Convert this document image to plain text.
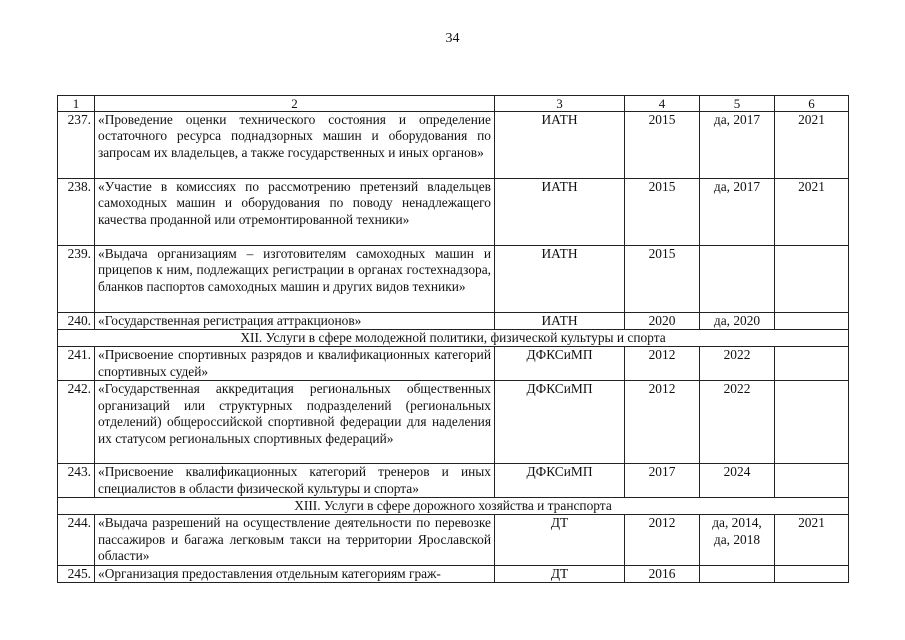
34
1	2	3	4	5	6
237.	«Проведение оценки технического состояния и определение остаточного ресурса поднадзорных машин и оборудования по запросам их владельцев, а также государственных и иных органов»	ИАТН	2015	да, 2017	2021
238.	«Участие в комиссиях по рассмотрению претензий владельцев самоходных машин и оборудования по поводу ненадлежащего качества проданной или отремонтированной техники»	ИАТН	2015	да, 2017	2021
239.	«Выдача организациям – изготовителям самоходных машин и прицепов к ним, подлежащих регистрации в органах гостехнадзора, бланков паспортов самоходных машин и других видов техники»	ИАТН	2015		
240.	«Государственная регистрация аттракционов»	ИАТН	2020	да, 2020	
XII. Услуги в сфере молодежной политики, физической культуры и спорта					
241.	«Присвоение спортивных разрядов и квалификационных категорий спортивных судей»	ДФКСиМП	2012	2022	
242.	«Государственная аккредитация региональных общественных организаций или структурных подразделений (региональных отделений) общероссийской спортивной федерации для наделения их статусом региональных спортивных федераций»	ДФКСиМП	2012	2022	
243.	«Присвоение квалификационных категорий тренеров и иных специалистов в области физической культуры и спорта»	ДФКСиМП	2017	2024	
XIII. Услуги в сфере дорожного хозяйства и транспорта					
244.	«Выдача разрешений на осуществление деятельности по перевозке пассажиров и багажа легковым такси на территории Ярославской области»	ДТ	2012	да, 2014, да, 2018	2021
245.	«Организация предоставления отдельным категориям граж-	ДТ	2016		
